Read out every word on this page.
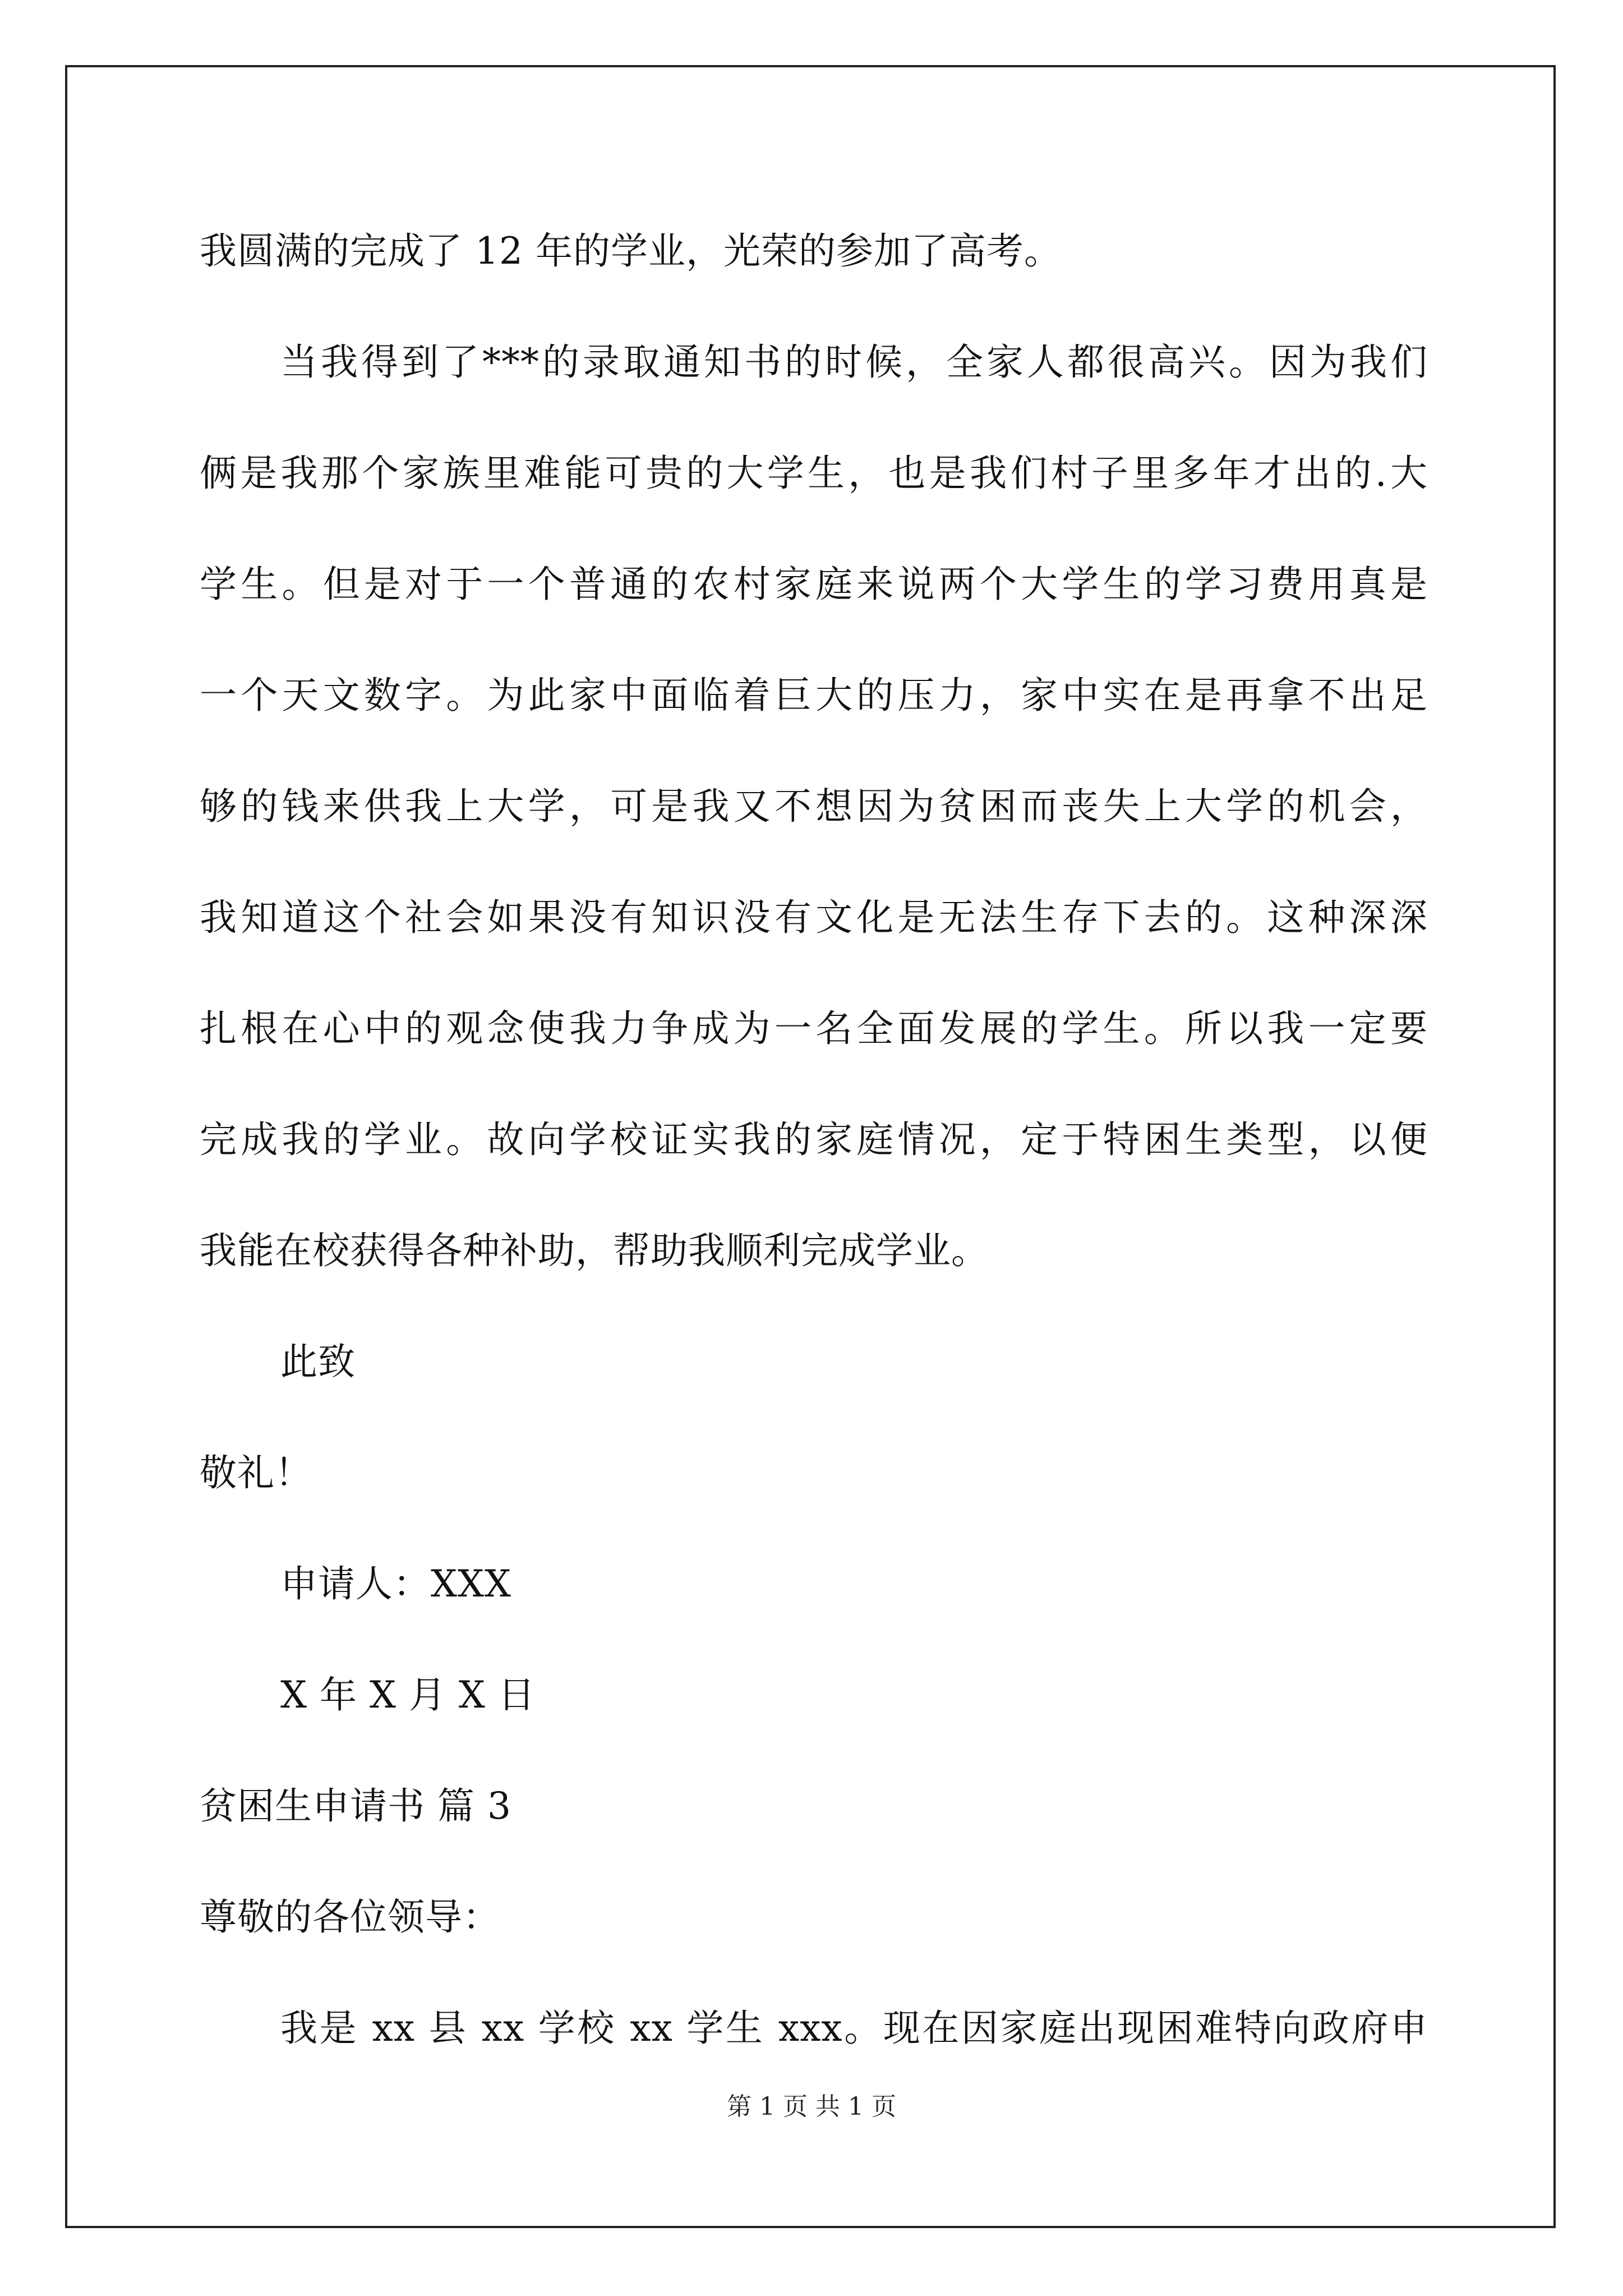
我圆满的完成了 12 年的学业，光荣的参加了高考。
当我得到了***的录取通知书的时候，全家人都很高兴。因为我们
俩是我那个家族里难能可贵的大学生，也是我们村子里多年才出的.大
学生。但是对于一个普通的农村家庭来说两个大学生的学习费用真是
一个天文数字。为此家中面临着巨大的压力，家中实在是再拿不出足
够的钱来供我上大学，可是我又不想因为贫困而丧失上大学的机会，
我知道这个社会如果没有知识没有文化是无法生存下去的。这种深深
扎根在心中的观念使我力争成为一名全面发展的学生。所以我一定要
完成我的学业。故向学校证实我的家庭情况，定于特困生类型，以便
我能在校获得各种补助，帮助我顺利完成学业。
此致
敬礼！
申请人：XXX
X 年 X 月 X 日
贫困生申请书 篇 3
尊敬的各位领导：
我是 xx 县 xx 学校 xx 学生 xxx。现在因家庭出现困难特向政府申
第 1 页 共 1 页
